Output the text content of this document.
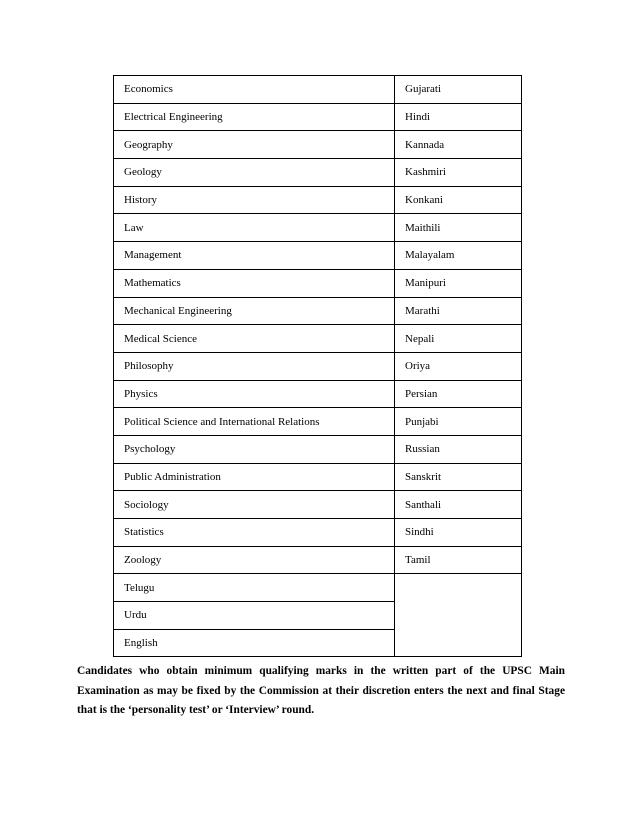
Economics	Gujarati
Electrical Engineering	Hindi
Geography	Kannada
Geology	Kashmiri
History	Konkani
Law	Maithili
Management	Malayalam
Mathematics	Manipuri
Mechanical Engineering	Marathi
Medical Science	Nepali
Philosophy	Oriya
Physics	Persian
Political Science and International Relations	Punjabi
Psychology	Russian
Public Administration	Sanskrit
Sociology	Santhali
Statistics	Sindhi
Zoology	Tamil
Telugu	
Urdu	
English	

Candidates who obtain minimum qualifying marks in the written part of the UPSC Main Examination as may be fixed by the Commission at their discretion enters the next and final Stage that is the ‘personality test’ or ‘Interview’ round.
